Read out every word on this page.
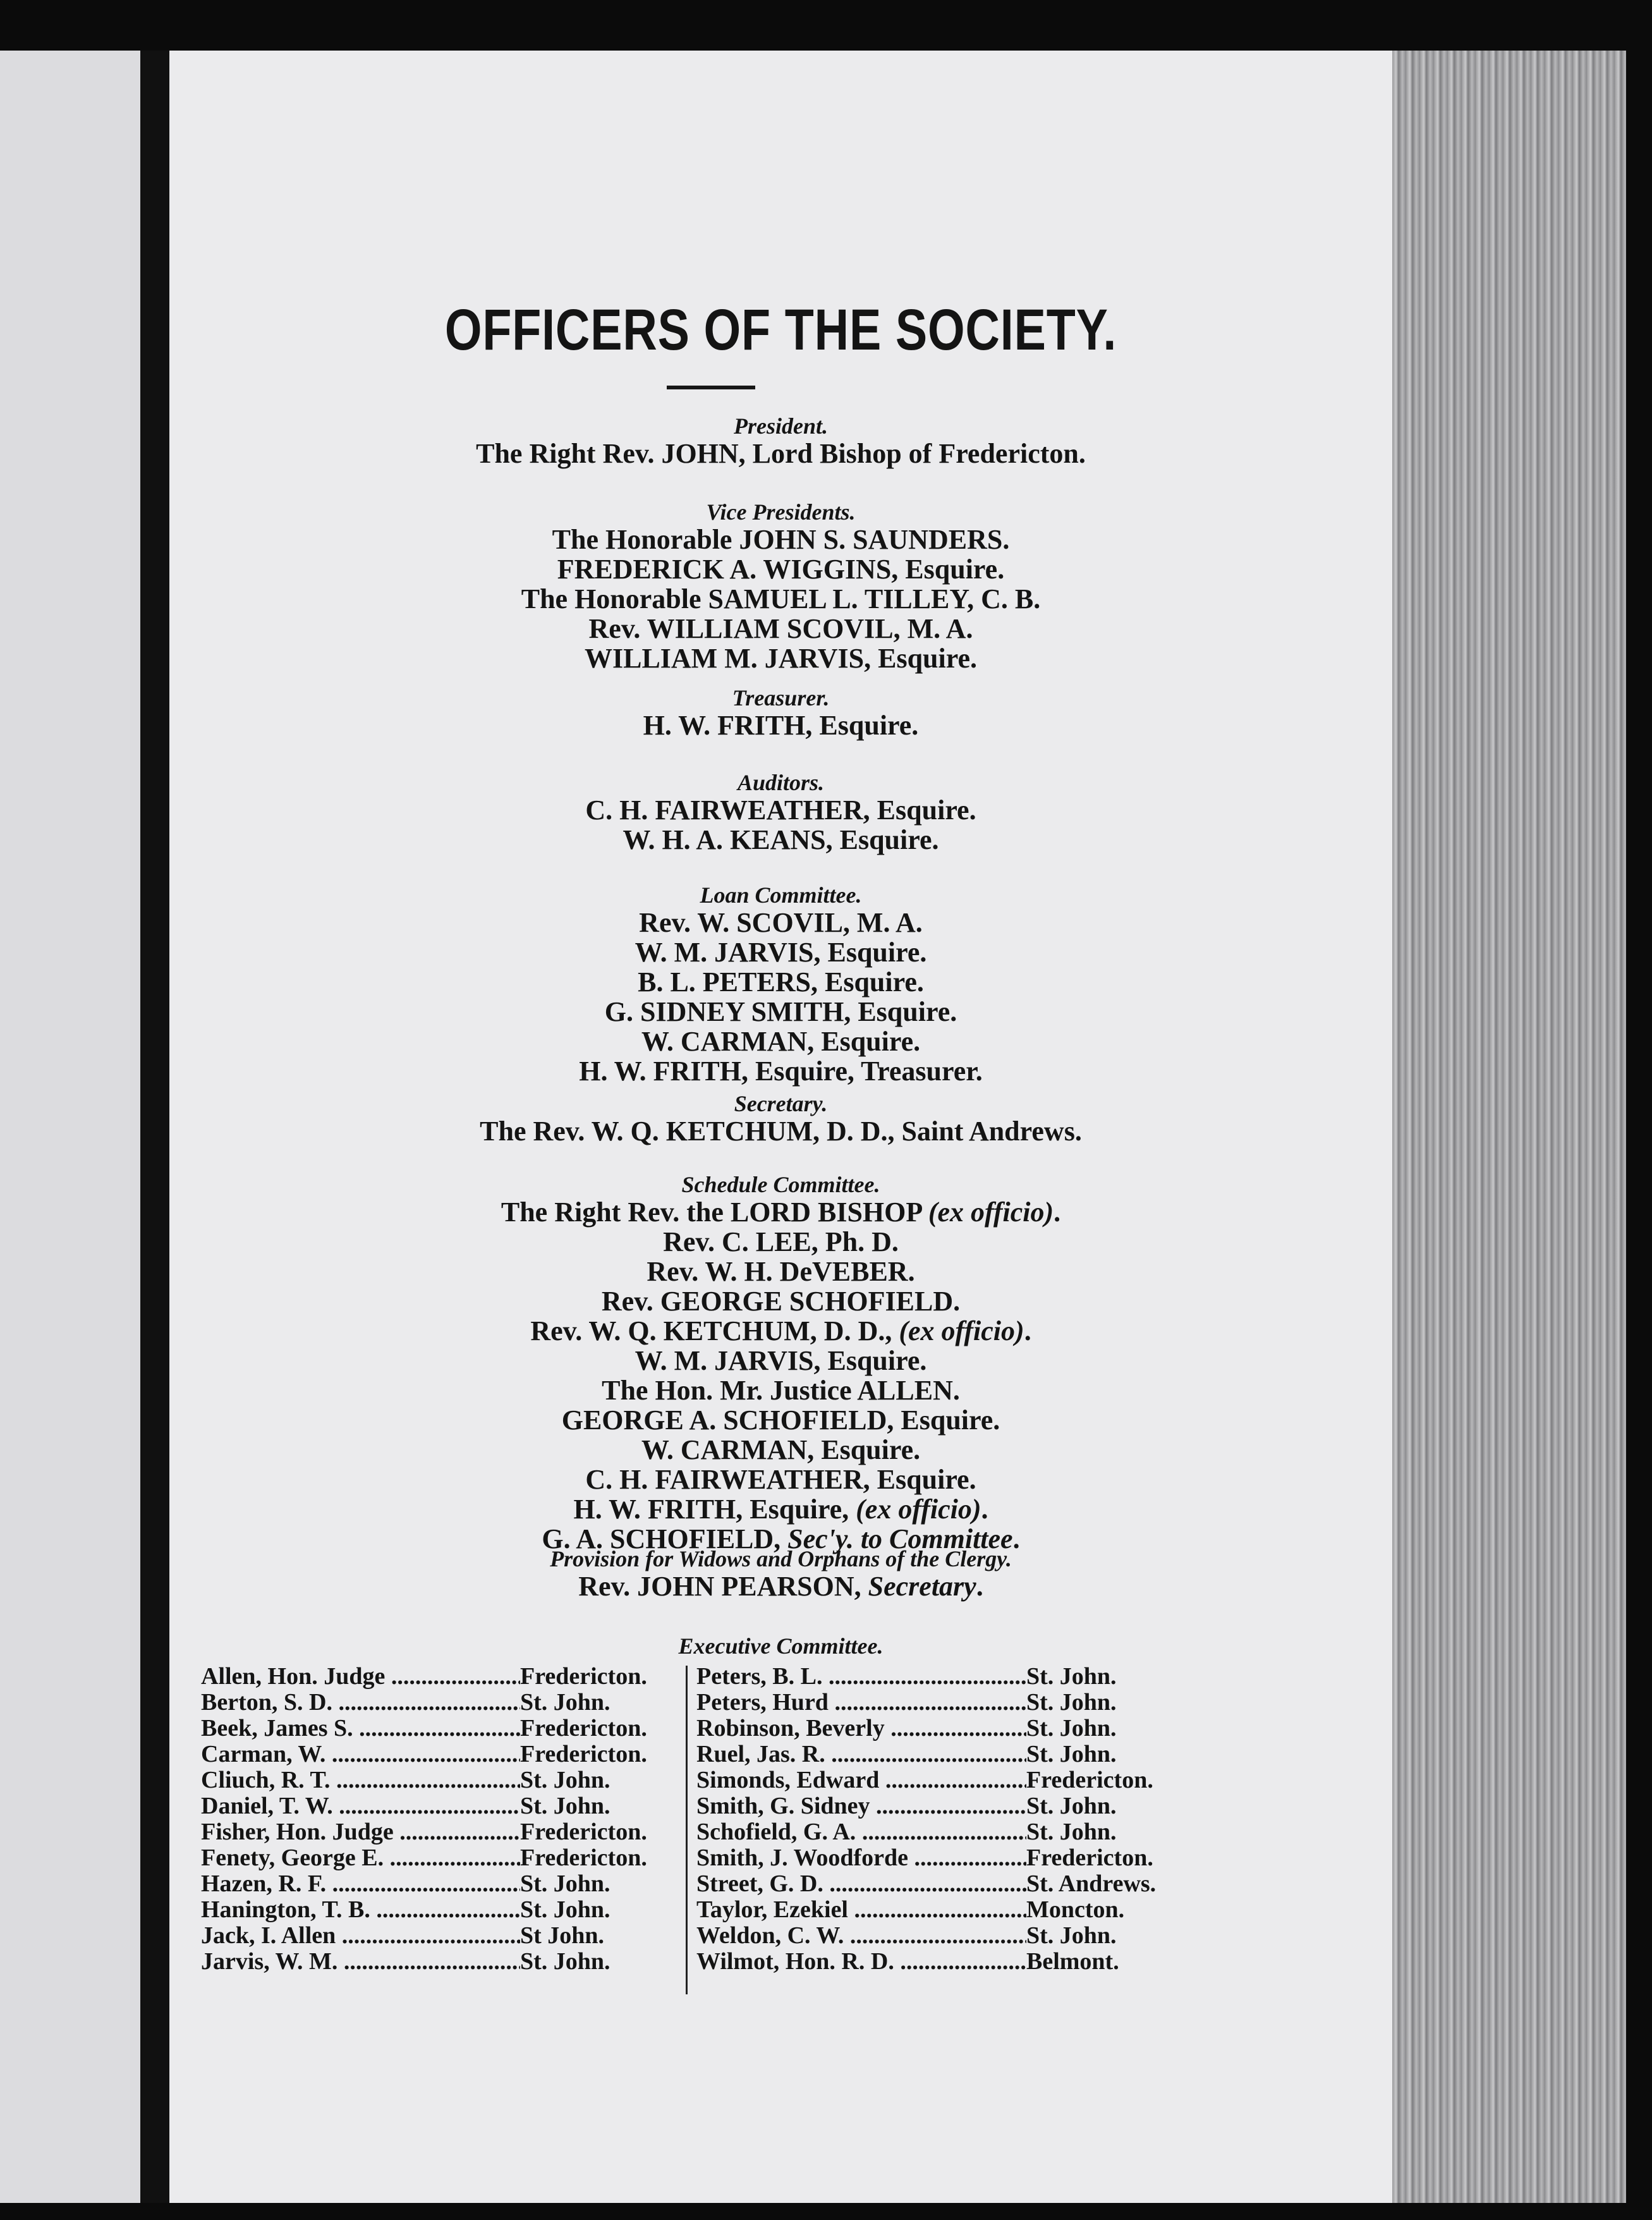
OFFICERS OF THE SOCIETY.
President.
The Right Rev. JOHN, Lord Bishop of Fredericton.
Vice Presidents.
The Honorable JOHN S. SAUNDERS.
FREDERICK A. WIGGINS, Esquire.
The Honorable SAMUEL L. TILLEY, C. B.
Rev. WILLIAM SCOVIL, M. A.
WILLIAM M. JARVIS, Esquire.
Treasurer.
H. W. FRITH, Esquire.
Auditors.
C. H. FAIRWEATHER, Esquire.
W. H. A. KEANS, Esquire.
Loan Committee.
Rev. W. SCOVIL, M. A.
W. M. JARVIS, Esquire.
B. L. PETERS, Esquire.
G. SIDNEY SMITH, Esquire.
W. CARMAN, Esquire.
H. W. FRITH, Esquire, Treasurer.
Secretary.
The Rev. W. Q. KETCHUM, D. D., Saint Andrews.
Schedule Committee.
The Right Rev. the LORD BISHOP (ex officio).
Rev. C. LEE, Ph. D.
Rev. W. H. DeVEBER.
Rev. GEORGE SCHOFIELD.
Rev. W. Q. KETCHUM, D. D., (ex officio).
W. M. JARVIS, Esquire.
The Hon. Mr. Justice ALLEN.
GEORGE A. SCHOFIELD, Esquire.
W. CARMAN, Esquire.
C. H. FAIRWEATHER, Esquire.
H. W. FRITH, Esquire, (ex officio).
G. A. SCHOFIELD, Sec'y. to Committee.
Provision for Widows and Orphans of the Clergy.
Rev. JOHN PEARSON, Secretary.
Executive Committee.
Allen, Hon. Judge .....	Fredericton.
Berton, S. D. .....	St. John.
Beek, James S. .....	Fredericton.
Carman, W. .....	Fredericton.
Cliuch, R. T. .....	St. John.
Daniel, T. W. .....	St. John.
Fisher, Hon. Judge .....	Fredericton.
Fenety, George E. .....	Fredericton.
Hazen, R. F. .....	St. John.
Hanington, T. B. .....	St. John.
Jack, I. Allen .....	St John.
Jarvis, W. M. .....	St. John.
Peters, B. L. .....	St. John.
Peters, Hurd .....	St. John.
Robinson, Beverly .....	St. John.
Ruel, Jas. R. .....	St. John.
Simonds, Edward .....	Fredericton.
Smith, G. Sidney .....	St. John.
Schofield, G. A. .....	St. John.
Smith, J. Woodforde .....	Fredericton.
Street, G. D. .....	St. Andrews.
Taylor, Ezekiel .....	Moncton.
Weldon, C. W. .....	St. John.
Wilmot, Hon. R. D. .....	Belmont.
